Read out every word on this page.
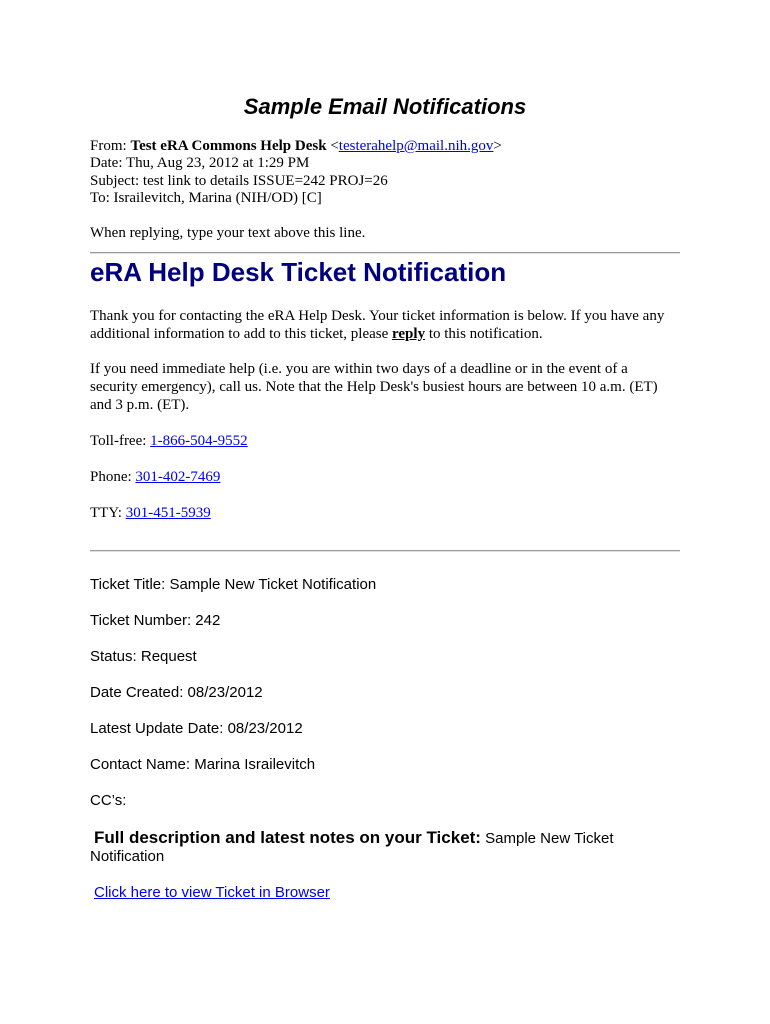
Sample Email Notifications
From: Test eRA Commons Help Desk <testerahelp@mail.nih.gov>
Date: Thu, Aug 23, 2012 at 1:29 PM
Subject: test link to details ISSUE=242 PROJ=26
To: Israilevitch, Marina (NIH/OD) [C]
When replying, type your text above this line.
eRA Help Desk Ticket Notification
Thank you for contacting the eRA Help Desk. Your ticket information is below. If you have any
additional information to add to this ticket, please reply to this notification.
If you need immediate help (i.e. you are within two days of a deadline or in the event of a
security emergency), call us. Note that the Help Desk's busiest hours are between 10 a.m. (ET)
and 3 p.m. (ET).
Toll-free: 1-866-504-9552
Phone: 301-402-7469
TTY: 301-451-5939
Ticket Title: Sample New Ticket Notification
Ticket Number: 242
Status: Request
Date Created: 08/23/2012
Latest Update Date: 08/23/2012
Contact Name: Marina Israilevitch
CC’s:
Full description and latest notes on your Ticket: Sample New Ticket
Notification
Click here to view Ticket in Browser
